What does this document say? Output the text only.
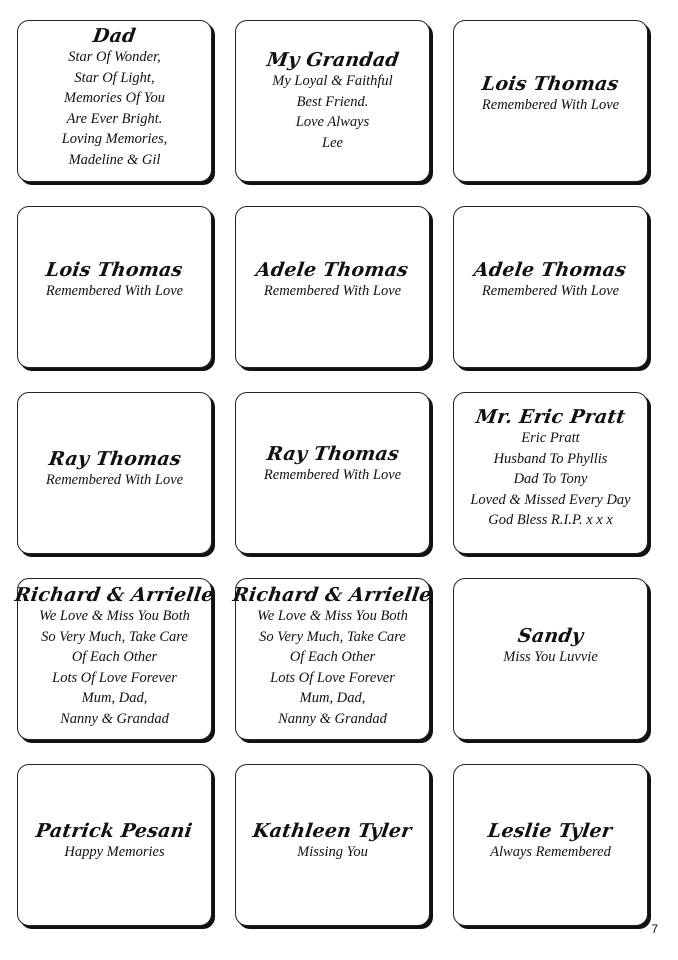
Dad
Star Of Wonder,
Star Of Light,
Memories Of You
Are Ever Bright.
Loving Memories,
Madeline & Gil
My Grandad
My Loyal & Faithful
Best Friend.
Love Always
Lee
Lois Thomas
Remembered With Love
Lois Thomas
Remembered With Love
Adele Thomas
Remembered With Love
Adele Thomas
Remembered With Love
Ray Thomas
Remembered With Love
Ray Thomas
Remembered With Love
Mr. Eric Pratt
Eric Pratt
Husband To Phyllis
Dad To Tony
Loved & Missed Every Day
God Bless R.I.P. x x x
Richard & Arrielle
We Love & Miss You Both
So Very Much, Take Care
Of Each Other
Lots Of Love Forever
Mum, Dad,
Nanny & Grandad
Richard & Arrielle
We Love & Miss You Both
So Very Much, Take Care
Of Each Other
Lots Of Love Forever
Mum, Dad,
Nanny & Grandad
Sandy
Miss You Luvvie
Patrick Pesani
Happy Memories
Kathleen Tyler
Missing You
Leslie Tyler
Always Remembered
7
